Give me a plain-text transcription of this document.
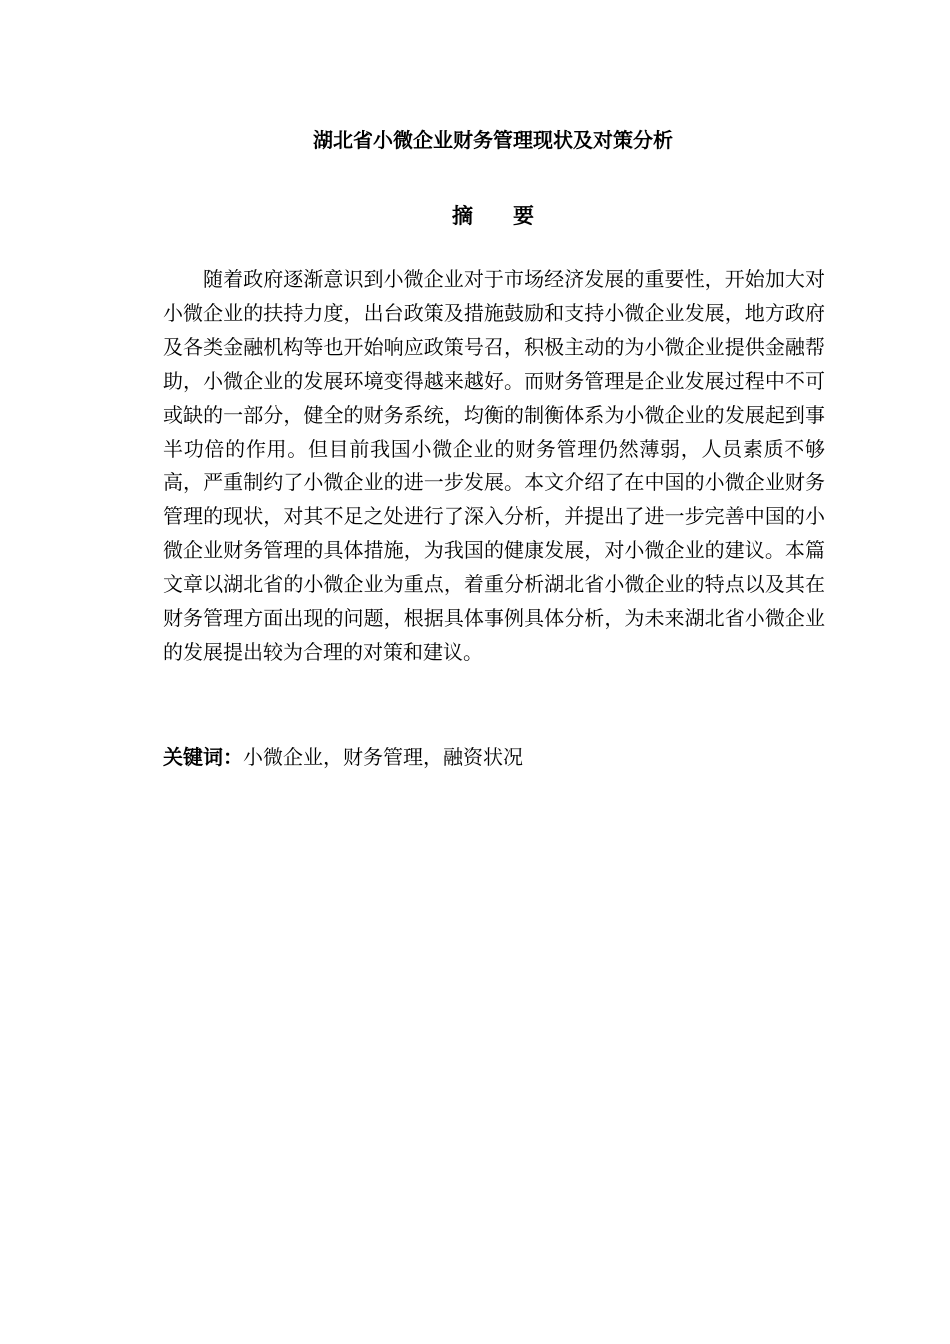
湖北省小微企业财务管理现状及对策分析
摘 要

随着政府逐渐意识到小微企业对于市场经济发展的重要性，开始加大对小微企业的扶持力度，出台政策及措施鼓励和支持小微企业发展，地方政府及各类金融机构等也开始响应政策号召，积极主动的为小微企业提供金融帮助，小微企业的发展环境变得越来越好。而财务管理是企业发展过程中不可或缺的一部分，健全的财务系统，均衡的制衡体系为小微企业的发展起到事半功倍的作用。但目前我国小微企业的财务管理仍然薄弱，人员素质不够高，严重制约了小微企业的进一步发展。本文介绍了在中国的小微企业财务管理的现状，对其不足之处进行了深入分析，并提出了进一步完善中国的小微企业财务管理的具体措施，为我国的健康发展，对小微企业的建议。本篇文章以湖北省的小微企业为重点，着重分析湖北省小微企业的特点以及其在财务管理方面出现的问题，根据具体事例具体分析，为未来湖北省小微企业的发展提出较为合理的对策和建议。

关键词：小微企业，财务管理，融资状况
